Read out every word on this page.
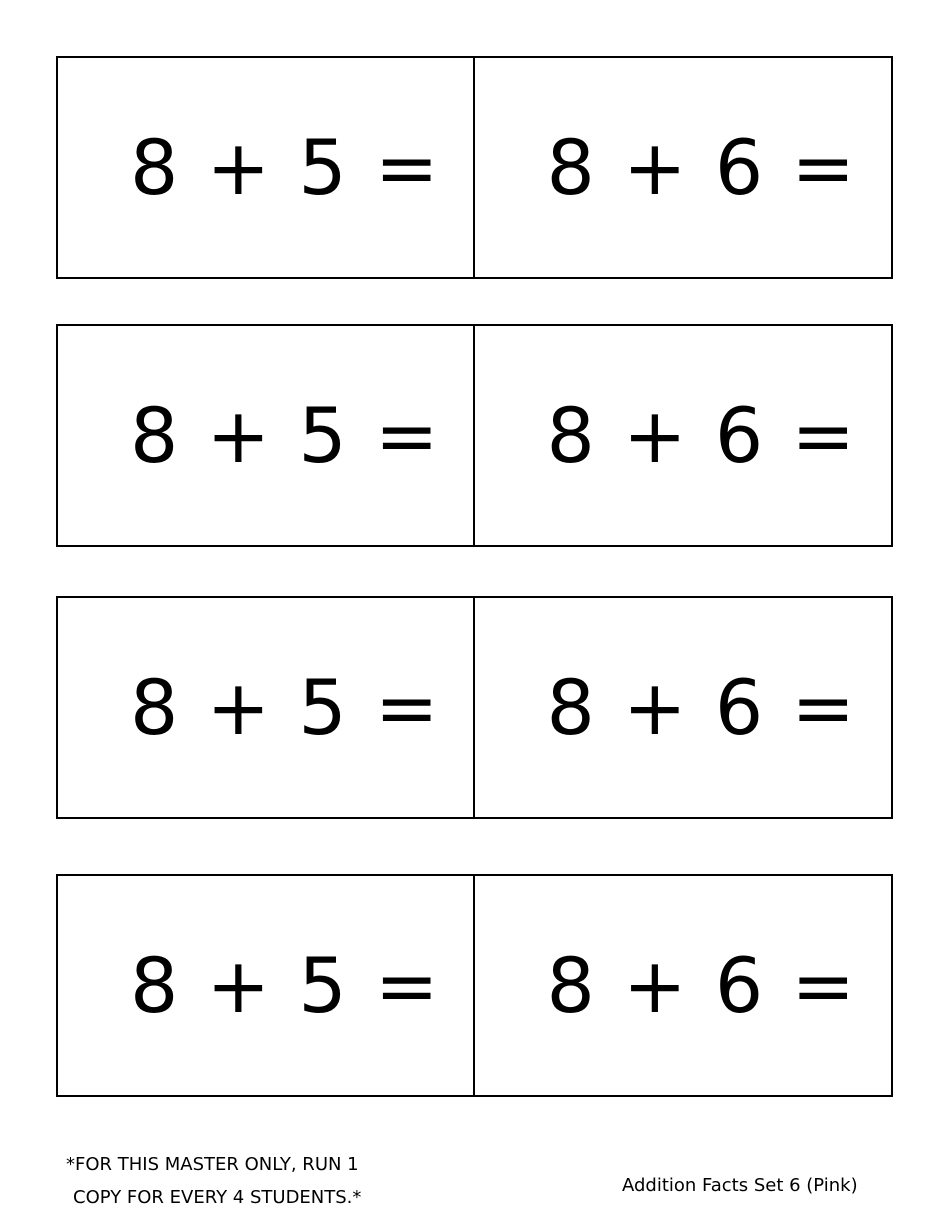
8 + 5 =	8 + 6 =
8 + 5 =	8 + 6 =
8 + 5 =	8 + 6 =
8 + 5 =	8 + 6 =
*FOR THIS MASTER ONLY, RUN 1
COPY FOR EVERY 4 STUDENTS.*
Addition Facts Set 6 (Pink)
